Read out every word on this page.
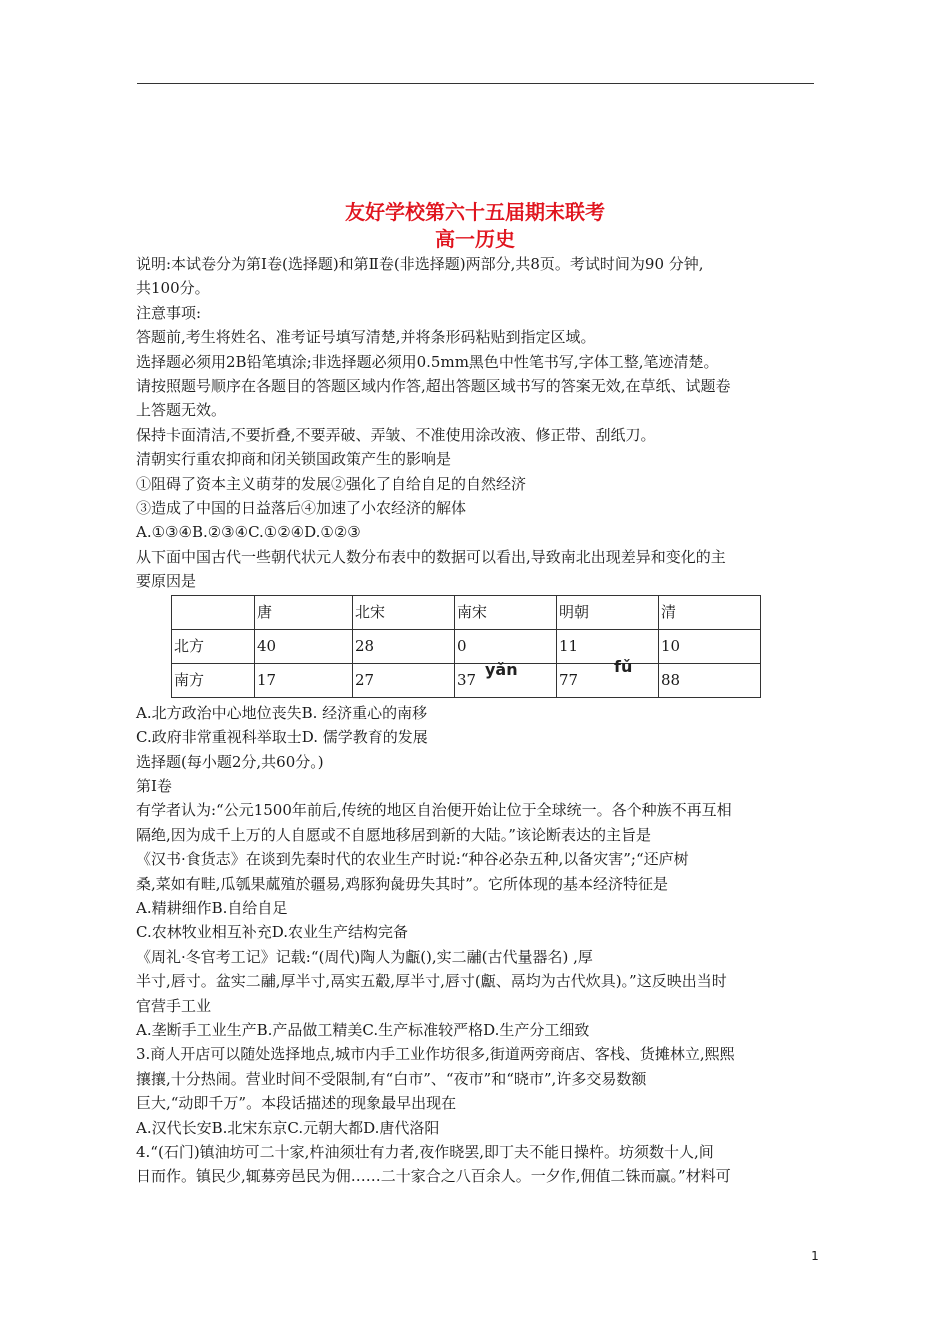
友好学校第六十五届期末联考
高一历史

说明:本试卷分为第Ⅰ卷(选择题)和第Ⅱ卷(非选择题)两部分,共8页。考试时间为90 分钟,

共100分。

注意事项:

答题前,考生将姓名、准考证号填写清楚,并将条形码粘贴到指定区域。

选择题必须用2B铅笔填涂;非选择题必须用0.5mm黑色中性笔书写,字体工整,笔迹清楚。

请按照题号顺序在各题目的答题区域内作答,超出答题区域书写的答案无效,在草纸、试题卷

上答题无效。

保持卡面清洁,不要折叠,不要弄破、弄皱、不准使用涂改液、修正带、刮纸刀。

清朝实行重农抑商和闭关锁国政策产生的影响是

①阻碍了资本主义萌芽的发展②强化了自给自足的自然经济

③造成了中国的日益落后④加速了小农经济的解体

A.①③④B.②③④C.①②④D.①②③

从下面中国古代一些朝代状元人数分布表中的数据可以看出,导致南北出现差异和变化的主

要原因是

	唐	北宋	南宋	明朝	清
北方	40	28	0	11	10
南方	17	27	37	77	88

A.北方政治中心地位丧失B. 经济重心的南移

C.政府非常重视科举取士D. 儒学教育的发展

选择题(每小题2分,共60分。)

第Ⅰ卷

有学者认为:“公元1500年前后,传统的地区自治便开始让位于全球统一。各个种族不再互相

隔绝,因为成千上万的人自愿或不自愿地移居到新的大陆。”该论断表达的主旨是

《汉书·食货志》在谈到先秦时代的农业生产时说:“种谷必杂五种,以备灾害”;“还庐树

桑,菜如有畦,瓜瓠果蓏殖於疆易,鸡豚狗彘毋失其时”。它所体现的基本经济特征是

A.精耕细作B.自给自足

C.农林牧业相互补充D.农业生产结构完备

《周礼·冬官考工记》记载:“(周代)陶人为甗(),实二鬴(古代量器名) ,厚

半寸,唇寸。盆实二鬴,厚半寸,鬲实五觳,厚半寸,唇寸(甗、鬲均为古代炊具)。”这反映出当时

官营手工业

A.垄断手工业生产B.产品做工精美C.生产标准较严格D.生产分工细致

3.商人开店可以随处选择地点,城市内手工业作坊很多,街道两旁商店、客栈、货摊林立,熙熙

攘攘,十分热闹。营业时间不受限制,有“白市”、“夜市”和“晓市”,许多交易数额

巨大,“动即千万”。本段话描述的现象最早出现在

A.汉代长安B.北宋东京C.元朝大都D.唐代洛阳

4.“(石门)镇油坊可二十家,杵油须壮有力者,夜作晓罢,即丁夫不能日操杵。坊须数十人,间

日而作。镇民少,辄募旁邑民为佣……二十家合之八百余人。一夕作,佣值二铢而赢。”材料可

yǎn	fǔ
1
